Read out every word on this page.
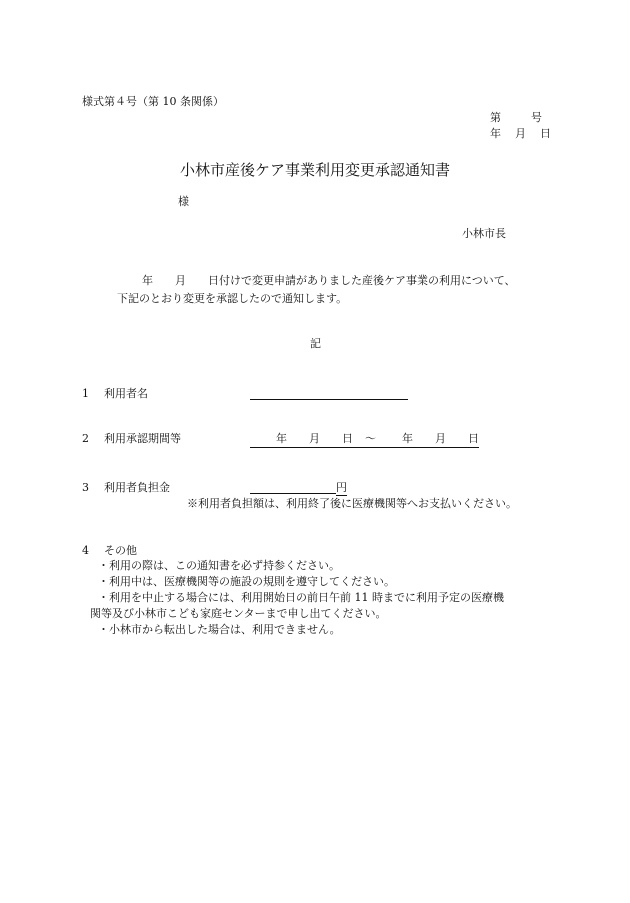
様式第４号（第 10 条関係）
第	号
年 月 日
小林市産後ケア事業利用変更承認通知書
様
小林市長
年 月 日付けで変更申請がありました産後ケア事業の利用について、
下記のとおり変更を承認したので通知します。
記
1 利用者名
2 利用承認期間等	年 月 日 ～ 年 月 日
3 利用者負担金	円
※利用者負担額は、利用終了後に医療機関等へお支払いください。
4 その他
・利用の際は、この通知書を必ず持参ください。
・利用中は、医療機関等の施設の規則を遵守してください。
・利用を中止する場合には、利用開始日の前日午前 11 時までに利用予定の医療機
関等及び小林市こども家庭センターまで申し出てください。
・小林市から転出した場合は、利用できません。
